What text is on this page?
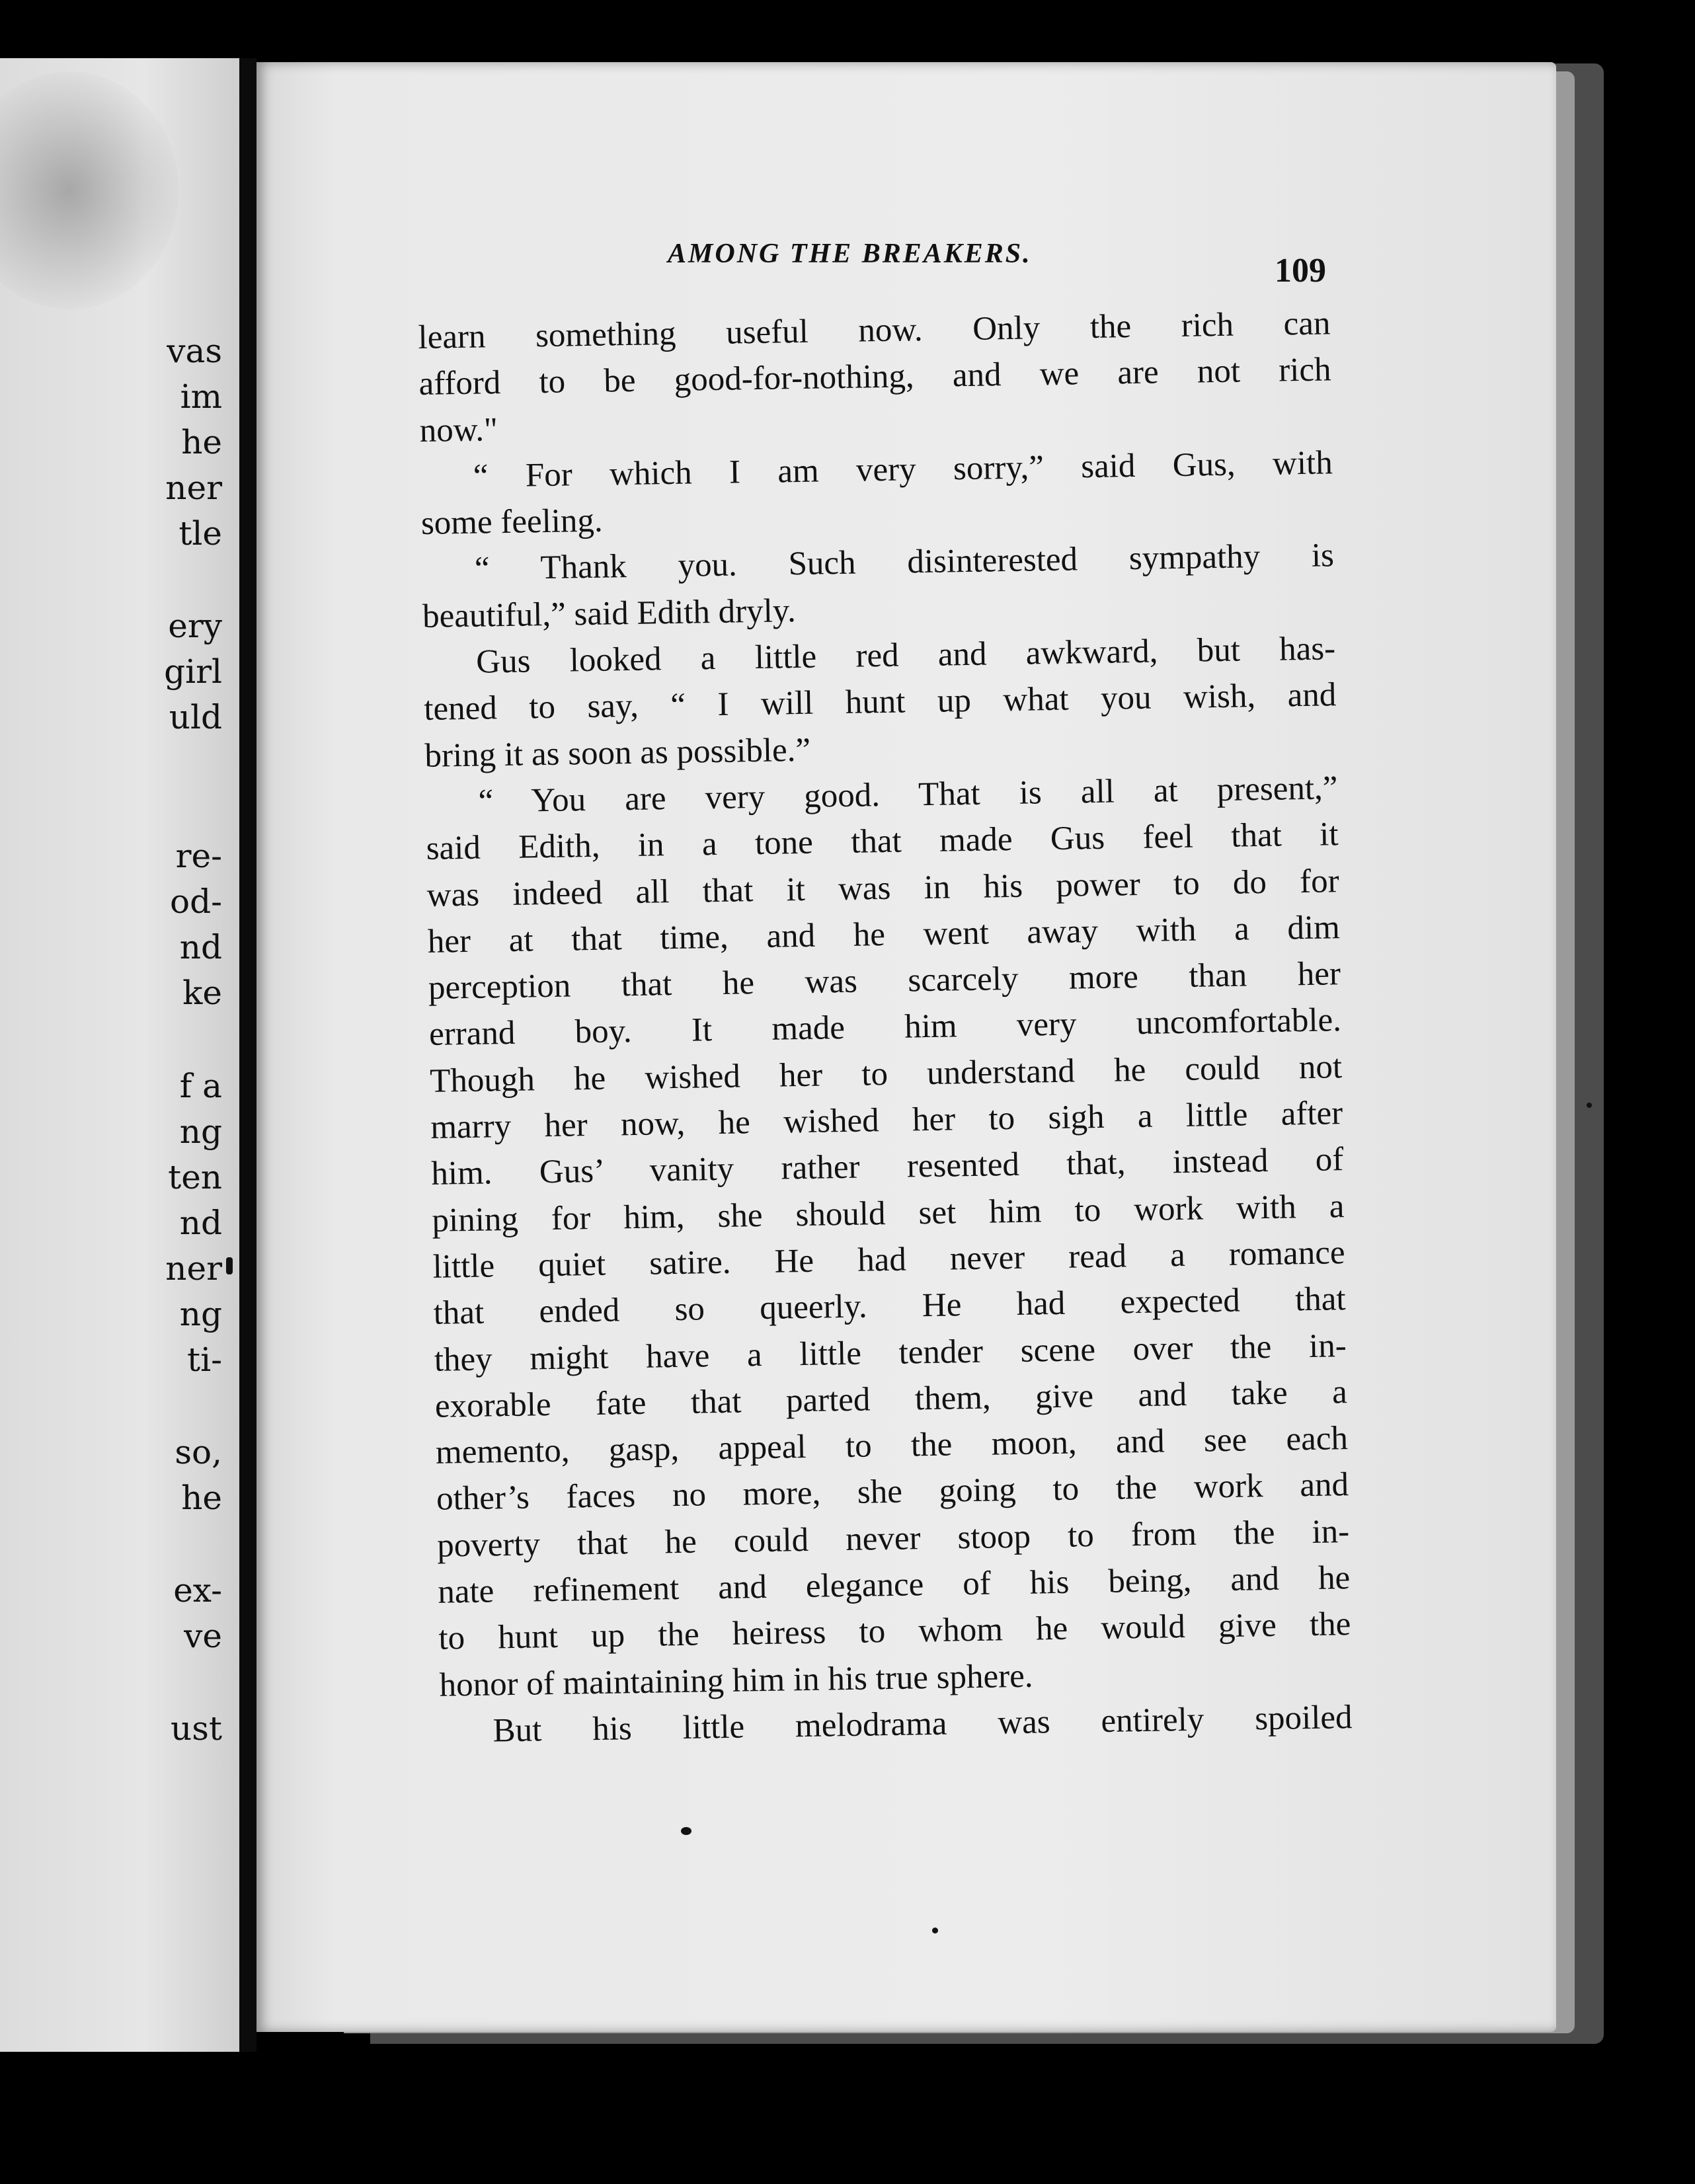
vas

im

he

ner

tle

ery

girl

uld

re-

od-

nd

ke

f a

ng

ten

nd

ner

ng

ti-

so,

he

ex-

ve

ust

AMONG THE BREAKERS.	109

learn something useful now. Only the rich can

afford to be good-for-nothing, and we are not rich

now."

“ For which I am very sorry,” said Gus, with

some feeling.

“ Thank you. Such disinterested sympathy is

beautiful,” said Edith dryly.

Gus looked a little red and awkward, but has-

tened to say, “ I will hunt up what you wish, and

bring it as soon as possible.”

“ You are very good. That is all at present,”

said Edith, in a tone that made Gus feel that it

was indeed all that it was in his power to do for

her at that time, and he went away with a dim

perception that he was scarcely more than her

errand boy. It made him very uncomfortable.

Though he wished her to understand he could not

marry her now, he wished her to sigh a little after

him. Gus’ vanity rather resented that, instead of

pining for him, she should set him to work with a

little quiet satire. He had never read a romance

that ended so queerly. He had expected that

they might have a little tender scene over the in-

exorable fate that parted them, give and take a

memento, gasp, appeal to the moon, and see each

other’s faces no more, she going to the work and

poverty that he could never stoop to from the in-

nate refinement and elegance of his being, and he

to hunt up the heiress to whom he would give the

honor of maintaining him in his true sphere.

But his little melodrama was entirely spoiled
